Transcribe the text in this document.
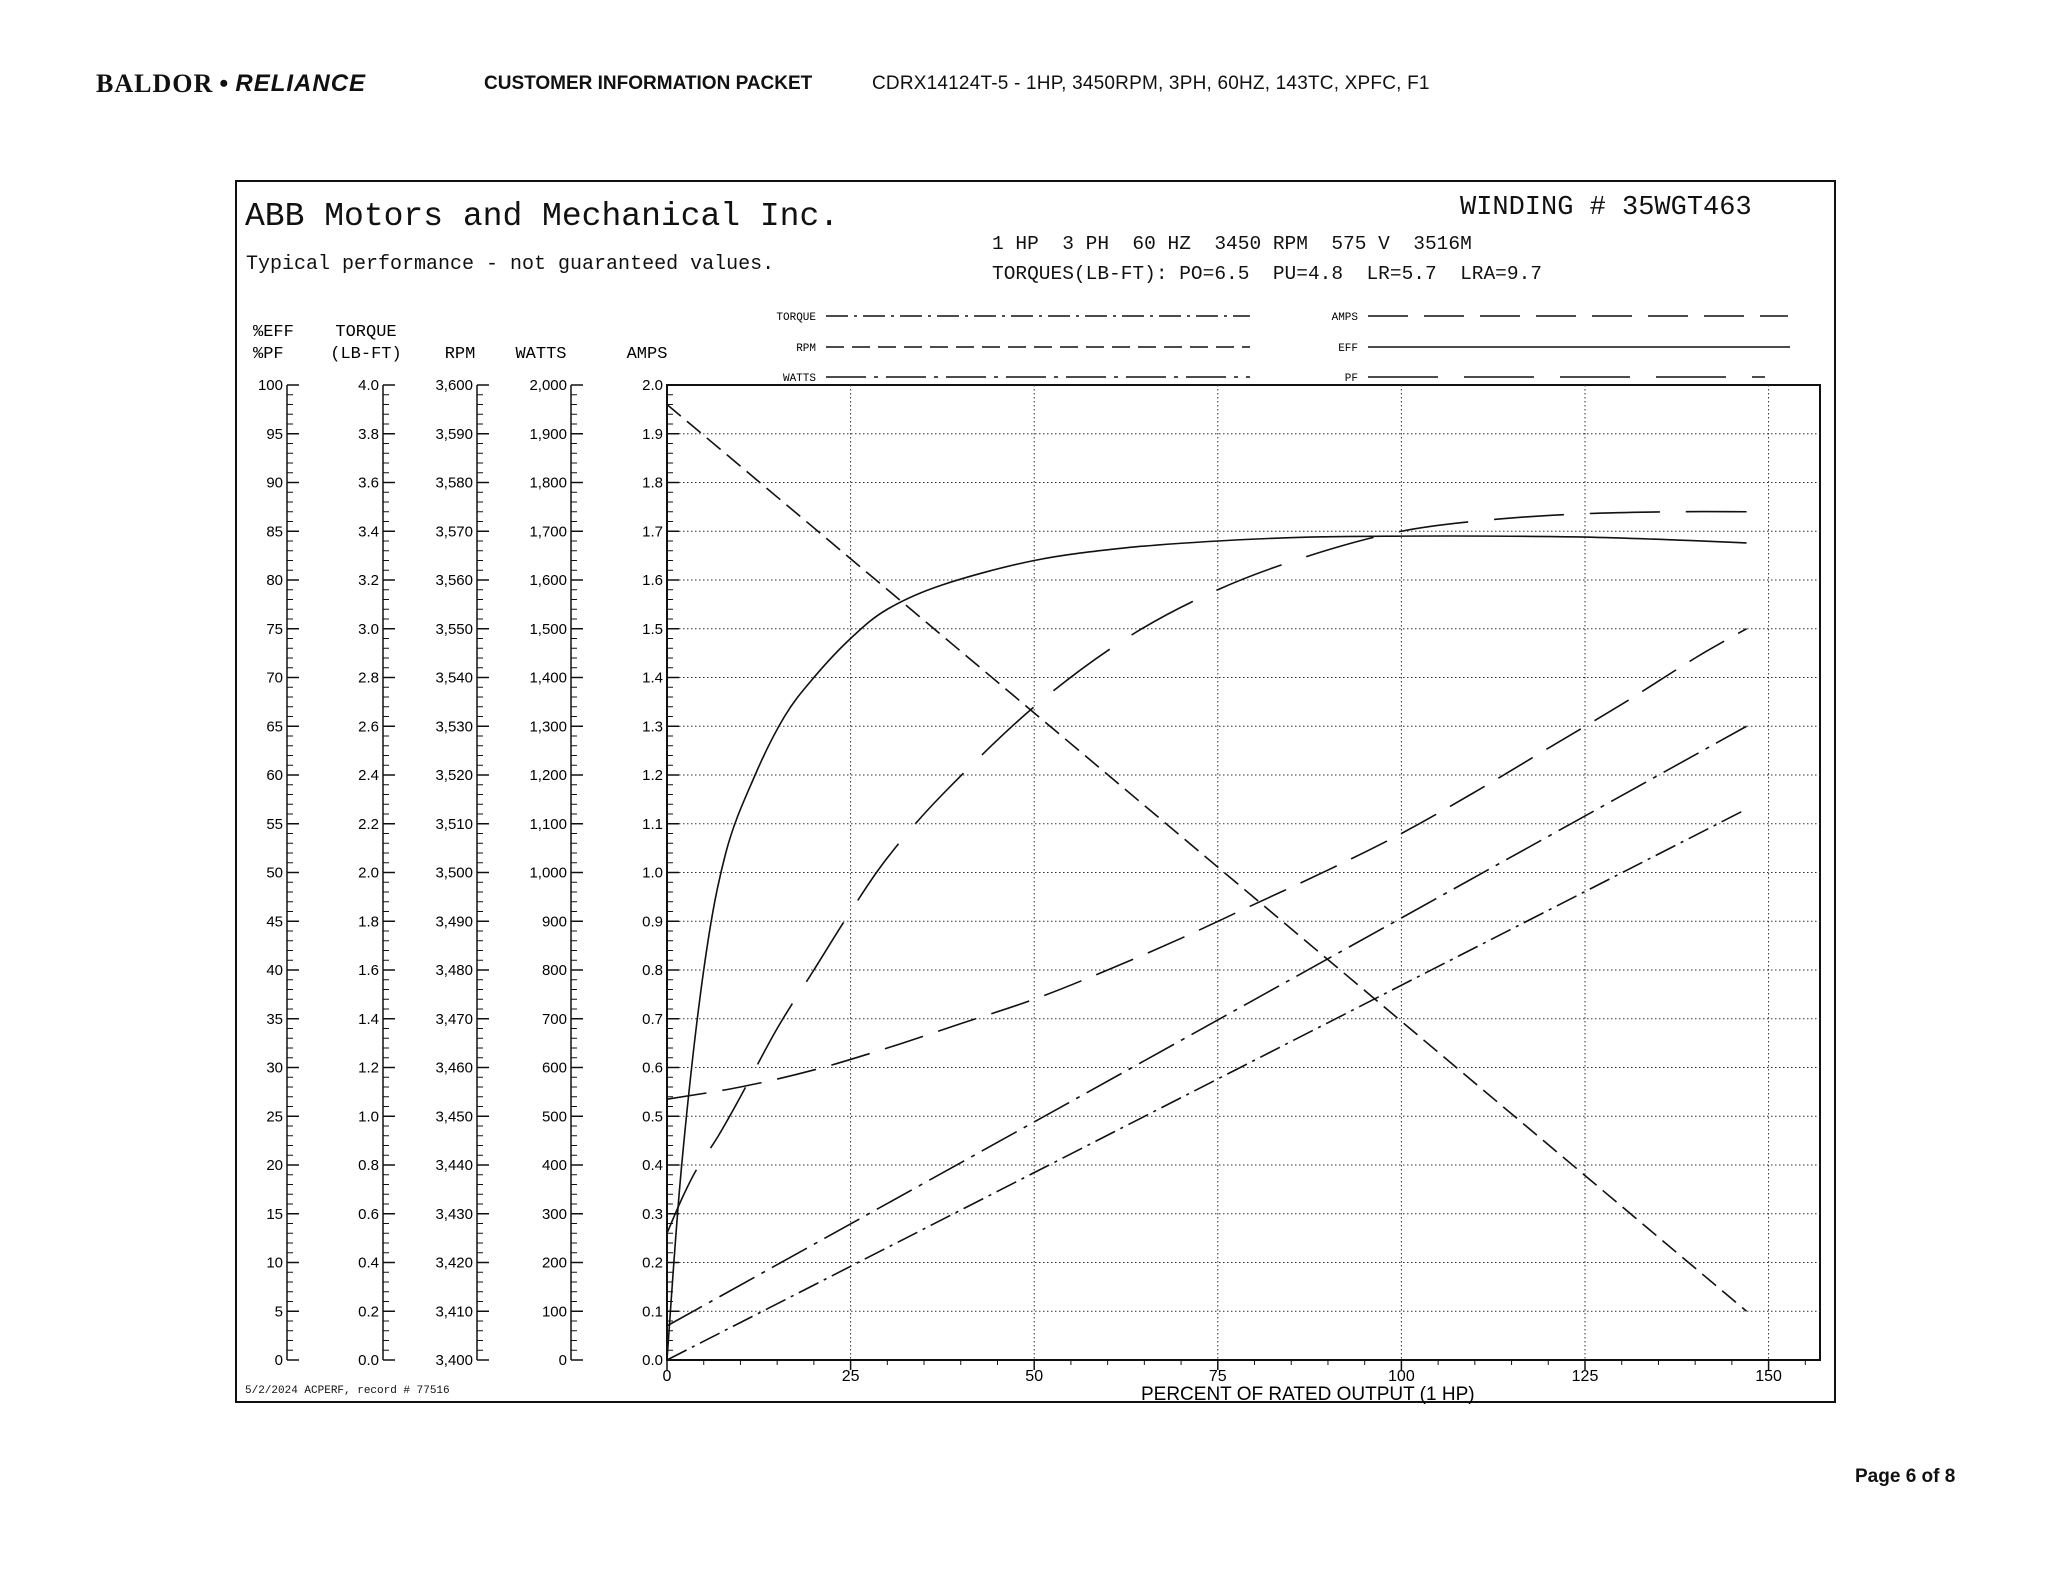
BALDOR • RELIANCE	CUSTOMER INFORMATION PACKET	CDRX14124T-5 - 1HP, 3450RPM, 3PH, 60HZ, 143TC, XPFC, F1
ABB Motors and Mechanical Inc.
Typical performance - not guaranteed values.
WINDING # 35WGT463
1 HP  3 PH  60 HZ  3450 RPM  575 V  3516M
TORQUES(LB-FT): PO=6.5  PU=4.8  LR=5.7  LRA=9.7
5/2/2024 ACPERF, record # 77516
0	25	50	75	100	125	150
PERCENT OF RATED OUTPUT (1 HP)
0
5
10
15
20
25
30
35
40
45
50
55
60
65
70
75
80
85
90
95
100
%EFF
%PF
0.0
0.2
0.4
0.6
0.8
1.0
1.2
1.4
1.6
1.8
2.0
2.2
2.4
2.6
2.8
3.0
3.2
3.4
3.6
3.8
4.0
TORQUE
(LB-FT)
3,400
3,410
3,420
3,430
3,440
3,450
3,460
3,470
3,480
3,490
3,500
3,510
3,520
3,530
3,540
3,550
3,560
3,570
3,580
3,590
3,600
RPM
0
100
200
300
400
500
600
700
800
900
1,000
1,100
1,200
1,300
1,400
1,500
1,600
1,700
1,800
1,900
2,000
WATTS
0.0
0.1
0.2
0.3
0.4
0.5
0.6
0.7
0.8
0.9
1.0
1.1
1.2
1.3
1.4
1.5
1.6
1.7
1.8
1.9
2.0
AMPS
TORQUE
RPM
WATTS
AMPS
EFF
PF
Page 6 of 8
